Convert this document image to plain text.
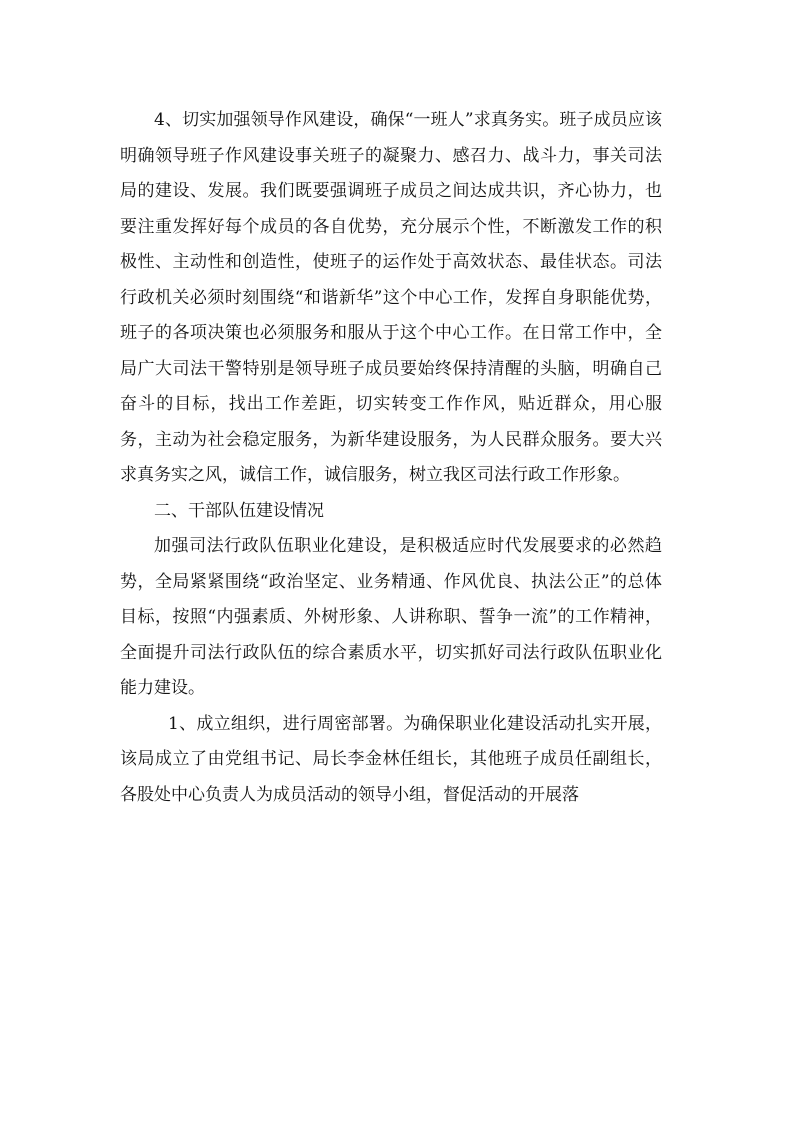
4、切实加强领导作风建设，确保“一班人”求真务实。班子成员应该明确领导班子作风建设事关班子的凝聚力、感召力、战斗力，事关司法局的建设、发展。我们既要强调班子成员之间达成共识，齐心协力，也要注重发挥好每个成员的各自优势，充分展示个性，不断激发工作的积极性、主动性和创造性，使班子的运作处于高效状态、最佳状态。司法行政机关必须时刻围绕“和谐新华”这个中心工作，发挥自身职能优势，班子的各项决策也必须服务和服从于这个中心工作。在日常工作中，全局广大司法干警特别是领导班子成员要始终保持清醒的头脑，明确自己奋斗的目标，找出工作差距，切实转变工作作风，贴近群众，用心服务，主动为社会稳定服务，为新华建设服务，为人民群众服务。要大兴求真务实之风，诚信工作，诚信服务，树立我区司法行政工作形象。

二、干部队伍建设情况

加强司法行政队伍职业化建设，是积极适应时代发展要求的必然趋势，全局紧紧围绕“政治坚定、业务精通、作风优良、执法公正”的总体目标，按照“内强素质、外树形象、人讲称职、誓争一流”的工作精神，全面提升司法行政队伍的综合素质水平，切实抓好司法行政队伍职业化能力建设。

1、成立组织，进行周密部署。为确保职业化建设活动扎实开展，该局成立了由党组书记、局长李金林任组长，其他班子成员任副组长，各股处中心负责人为成员活动的领导小组，督促活动的开展落
